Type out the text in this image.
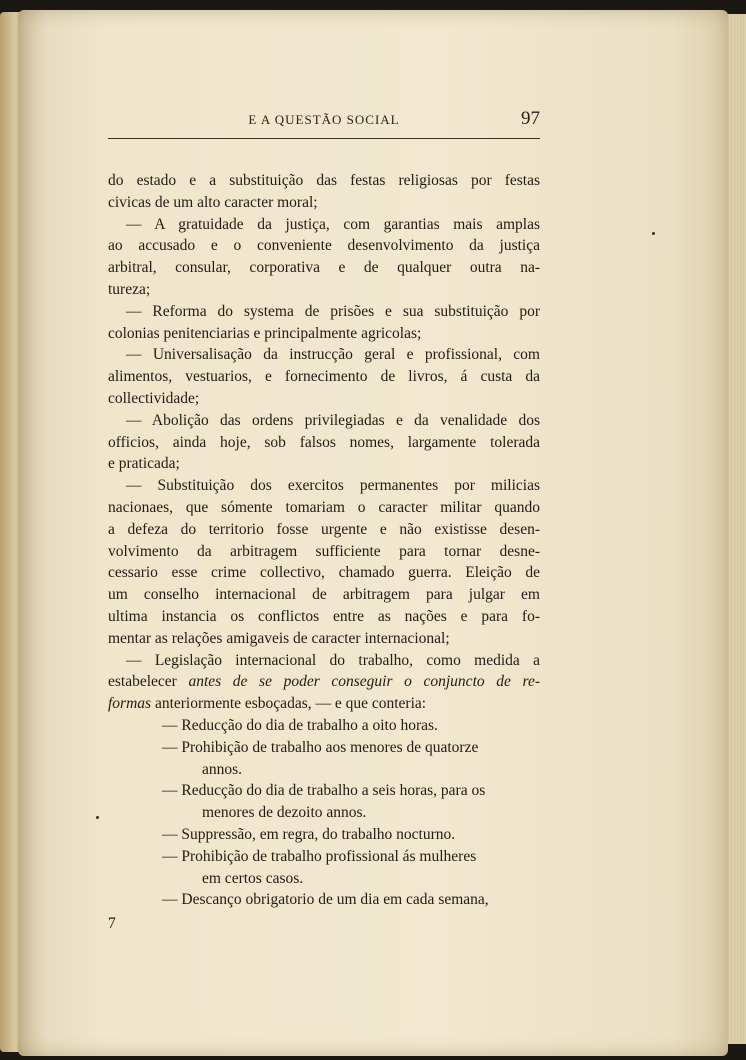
E A QUESTÃO SOCIAL	97
do estado e a substituição das festas religiosas por festas
civicas de um alto caracter moral;
— A gratuidade da justiça, com garantias mais amplas
ao accusado e o conveniente desenvolvimento da justiça
arbitral, consular, corporativa e de qualquer outra na-
tureza;
— Reforma do systema de prisões e sua substituição por
colonias penitenciarias e principalmente agricolas;
— Universalisação da instrucção geral e profissional, com
alimentos, vestuarios, e fornecimento de livros, á custa da
collectividade;
— Abolição das ordens privilegiadas e da venalidade dos
officios, ainda hoje, sob falsos nomes, largamente tolerada
e praticada;
— Substituição dos exercitos permanentes por milicias
nacionaes, que sómente tomariam o caracter militar quando
a defeza do territorio fosse urgente e não existisse desen-
volvimento da arbitragem sufficiente para tornar desne-
cessario esse crime collectivo, chamado guerra. Eleição de
um conselho internacional de arbitragem para julgar em
ultima instancia os conflictos entre as nações e para fo-
mentar as relações amigaveis de caracter internacional;
— Legislação internacional do trabalho, como medida a
estabelecer antes de se poder conseguir o conjuncto de re-
formas anteriormente esboçadas, — e que conteria:
— Reducção do dia de trabalho a oito horas.
— Prohibição de trabalho aos menores de quatorze
annos.
— Reducção do dia de trabalho a seis horas, para os
menores de dezoito annos.
— Suppressão, em regra, do trabalho nocturno.
— Prohibição de trabalho profissional ás mulheres
em certos casos.
— Descanço obrigatorio de um dia em cada semana,
7
